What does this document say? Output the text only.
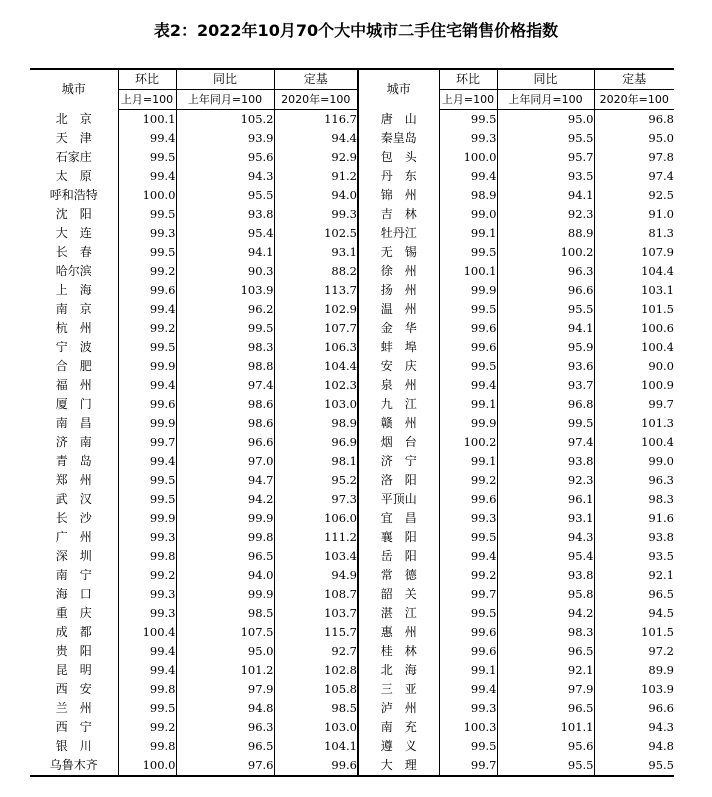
表2：2022年10月70个大中城市二手住宅销售价格指数
城市	环比	同比	定基	城市	环比	同比	定基
	上月=100	上年同月=100	2020年=100		上月=100	上年同月=100	2020年=100
北　京	100.1	105.2	116.7	唐　山	99.5	95.0	96.8
天　津	99.4	93.9	94.4	秦皇岛	99.3	95.5	95.0
石家庄	99.5	95.6	92.9	包　头	100.0	95.7	97.8
太　原	99.4	94.3	91.2	丹　东	99.4	93.5	97.4
呼和浩特	100.0	95.5	94.0	锦　州	98.9	94.1	92.5
沈　阳	99.5	93.8	99.3	吉　林	99.0	92.3	91.0
大　连	99.3	95.4	102.5	牡丹江	99.1	88.9	81.3
长　春	99.5	94.1	93.1	无　锡	99.5	100.2	107.9
哈尔滨	99.2	90.3	88.2	徐　州	100.1	96.3	104.4
上　海	99.6	103.9	113.7	扬　州	99.9	96.6	103.1
南　京	99.4	96.2	102.9	温　州	99.5	95.5	101.5
杭　州	99.2	99.5	107.7	金　华	99.6	94.1	100.6
宁　波	99.5	98.3	106.3	蚌　埠	99.6	95.9	100.4
合　肥	99.9	98.8	104.4	安　庆	99.5	93.6	90.0
福　州	99.4	97.4	102.3	泉　州	99.4	93.7	100.9
厦　门	99.6	98.6	103.0	九　江	99.1	96.8	99.7
南　昌	99.9	98.6	98.9	赣　州	99.9	99.5	101.3
济　南	99.7	96.6	96.9	烟　台	100.2	97.4	100.4
青　岛	99.4	97.0	98.1	济　宁	99.1	93.8	99.0
郑　州	99.5	94.7	95.2	洛　阳	99.2	92.3	96.3
武　汉	99.5	94.2	97.3	平顶山	99.6	96.1	98.3
长　沙	99.9	99.9	106.0	宜　昌	99.3	93.1	91.6
广　州	99.3	99.8	111.2	襄　阳	99.5	94.3	93.8
深　圳	99.8	96.5	103.4	岳　阳	99.4	95.4	93.5
南　宁	99.2	94.0	94.9	常　德	99.2	93.8	92.1
海　口	99.3	99.9	108.7	韶　关	99.7	95.8	96.5
重　庆	99.3	98.5	103.7	湛　江	99.5	94.2	94.5
成　都	100.4	107.5	115.7	惠　州	99.6	98.3	101.5
贵　阳	99.4	95.0	92.7	桂　林	99.6	96.5	97.2
昆　明	99.4	101.2	102.8	北　海	99.1	92.1	89.9
西　安	99.8	97.9	105.8	三　亚	99.4	97.9	103.9
兰　州	99.5	94.8	98.5	泸　州	99.3	96.5	96.6
西　宁	99.2	96.3	103.0	南　充	100.3	101.1	94.3
银　川	99.8	96.5	104.1	遵　义	99.5	95.6	94.8
乌鲁木齐	100.0	97.6	99.6	大　理	99.7	95.5	95.5
